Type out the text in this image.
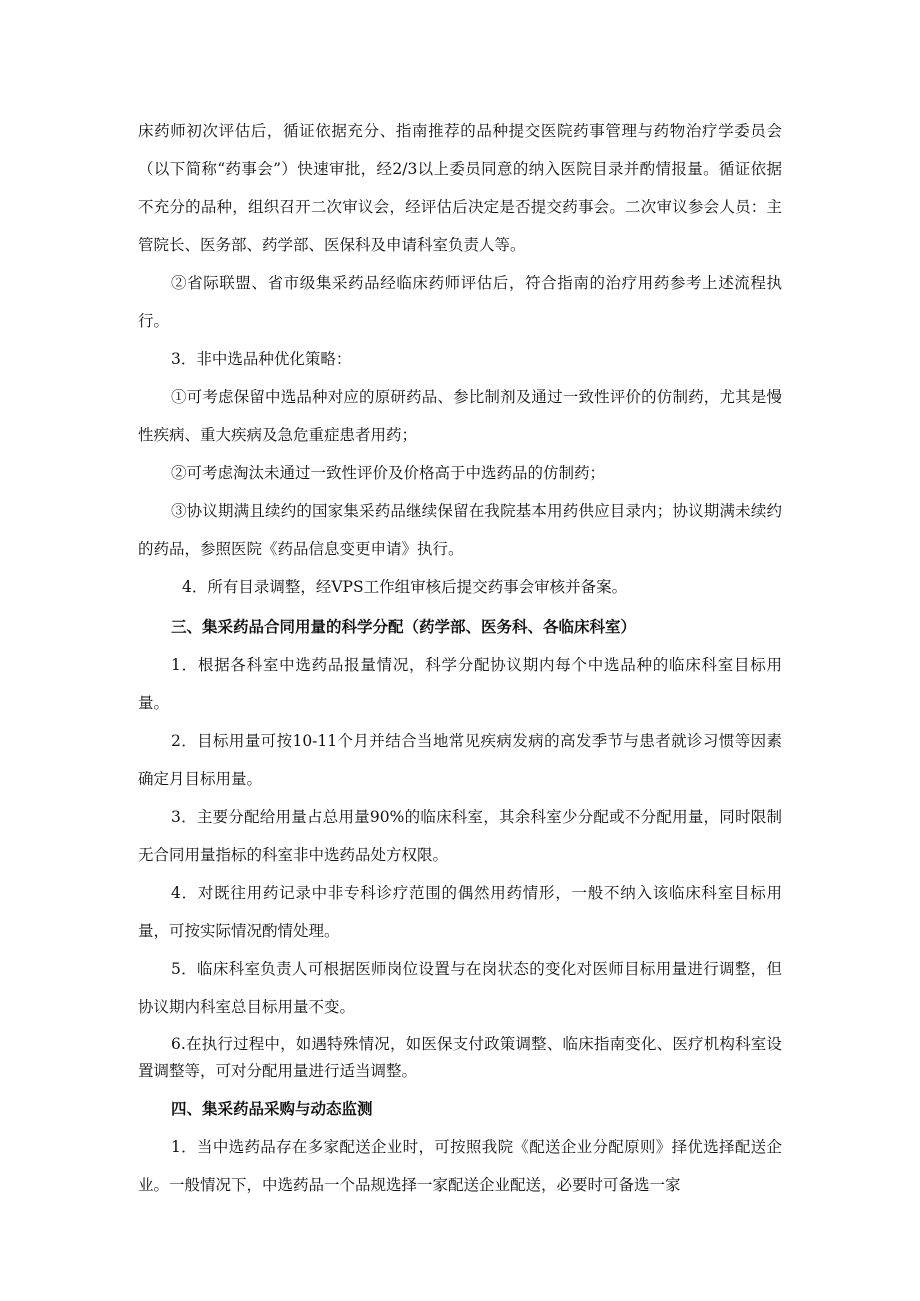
床药师初次评估后，循证依据充分、指南推荐的品种提交医院药事管理与药物治疗学委员会（以下简称“药事会”）快速审批，经2/3以上委员同意的纳入医院目录并酌情报量。循证依据不充分的品种，组织召开二次审议会，经评估后决定是否提交药事会。二次审议参会人员：主管院长、医务部、药学部、医保科及申请科室负责人等。

②省际联盟、省市级集采药品经临床药师评估后，符合指南的治疗用药参考上述流程执行。

3．非中选品种优化策略：

①可考虑保留中选品种对应的原研药品、参比制剂及通过一致性评价的仿制药，尤其是慢性疾病、重大疾病及急危重症患者用药；

②可考虑淘汰未通过一致性评价及价格高于中选药品的仿制药；

③协议期满且续约的国家集采药品继续保留在我院基本用药供应目录内；协议期满未续约的药品，参照医院《药品信息变更申请》执行。

4．所有目录调整，经VPS工作组审核后提交药事会审核并备案。

三、集采药品合同用量的科学分配（药学部、医务科、各临床科室）

1．根据各科室中选药品报量情况，科学分配协议期内每个中选品种的临床科室目标用量。

2．目标用量可按10-11个月并结合当地常见疾病发病的高发季节与患者就诊习惯等因素确定月目标用量。

3．主要分配给用量占总用量90%的临床科室，其余科室少分配或不分配用量，同时限制无合同用量指标的科室非中选药品处方权限。

4．对既往用药记录中非专科诊疗范围的偶然用药情形，一般不纳入该临床科室目标用量，可按实际情况酌情处理。

5．临床科室负责人可根据医师岗位设置与在岗状态的变化对医师目标用量进行调整，但协议期内科室总目标用量不变。

6.在执行过程中，如遇特殊情况，如医保支付政策调整、临床指南变化、医疗机构科室设置调整等，可对分配用量进行适当调整。

四、集采药品采购与动态监测

1．当中选药品存在多家配送企业时，可按照我院《配送企业分配原则》择优选择配送企业。一般情况下，中选药品一个品规选择一家配送企业配送，必要时可备选一家
